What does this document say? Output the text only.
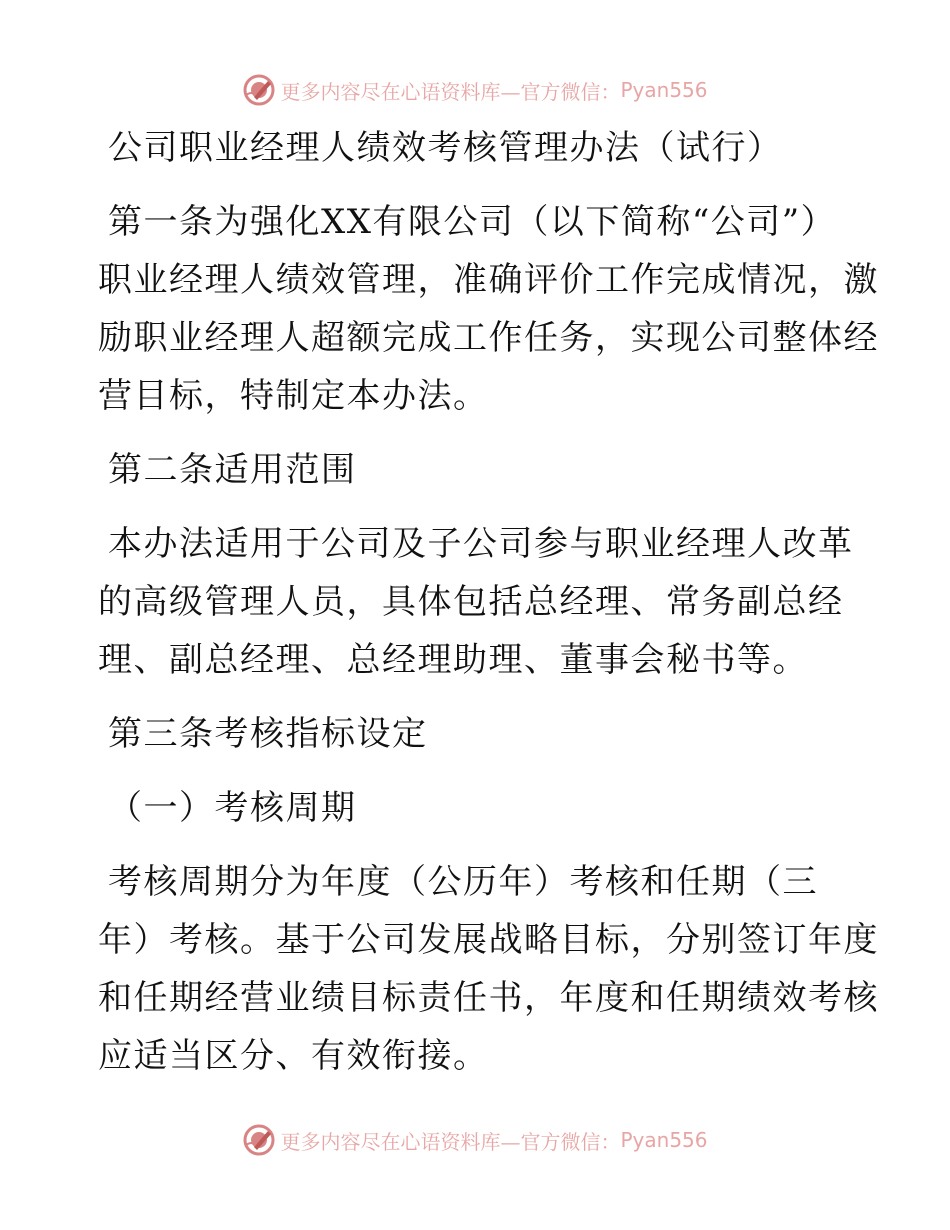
更多内容尽在心语资料库—官方微信： Pyan556
公司职业经理人绩效考核管理办法（试行）
第一条为强化XX有限公司（以下简称“公司”）
职业经理人绩效管理，准确评价工作完成情况，激
励职业经理人超额完成工作任务，实现公司整体经
营目标，特制定本办法。
第二条适用范围
本办法适用于公司及子公司参与职业经理人改革
的高级管理人员，具体包括总经理、常务副总经
理、副总经理、总经理助理、董事会秘书等。
第三条考核指标设定
（一）考核周期
考核周期分为年度（公历年）考核和任期（三
年）考核。基于公司发展战略目标，分别签订年度
和任期经营业绩目标责任书，年度和任期绩效考核
应适当区分、有效衔接。
更多内容尽在心语资料库—官方微信： Pyan556
